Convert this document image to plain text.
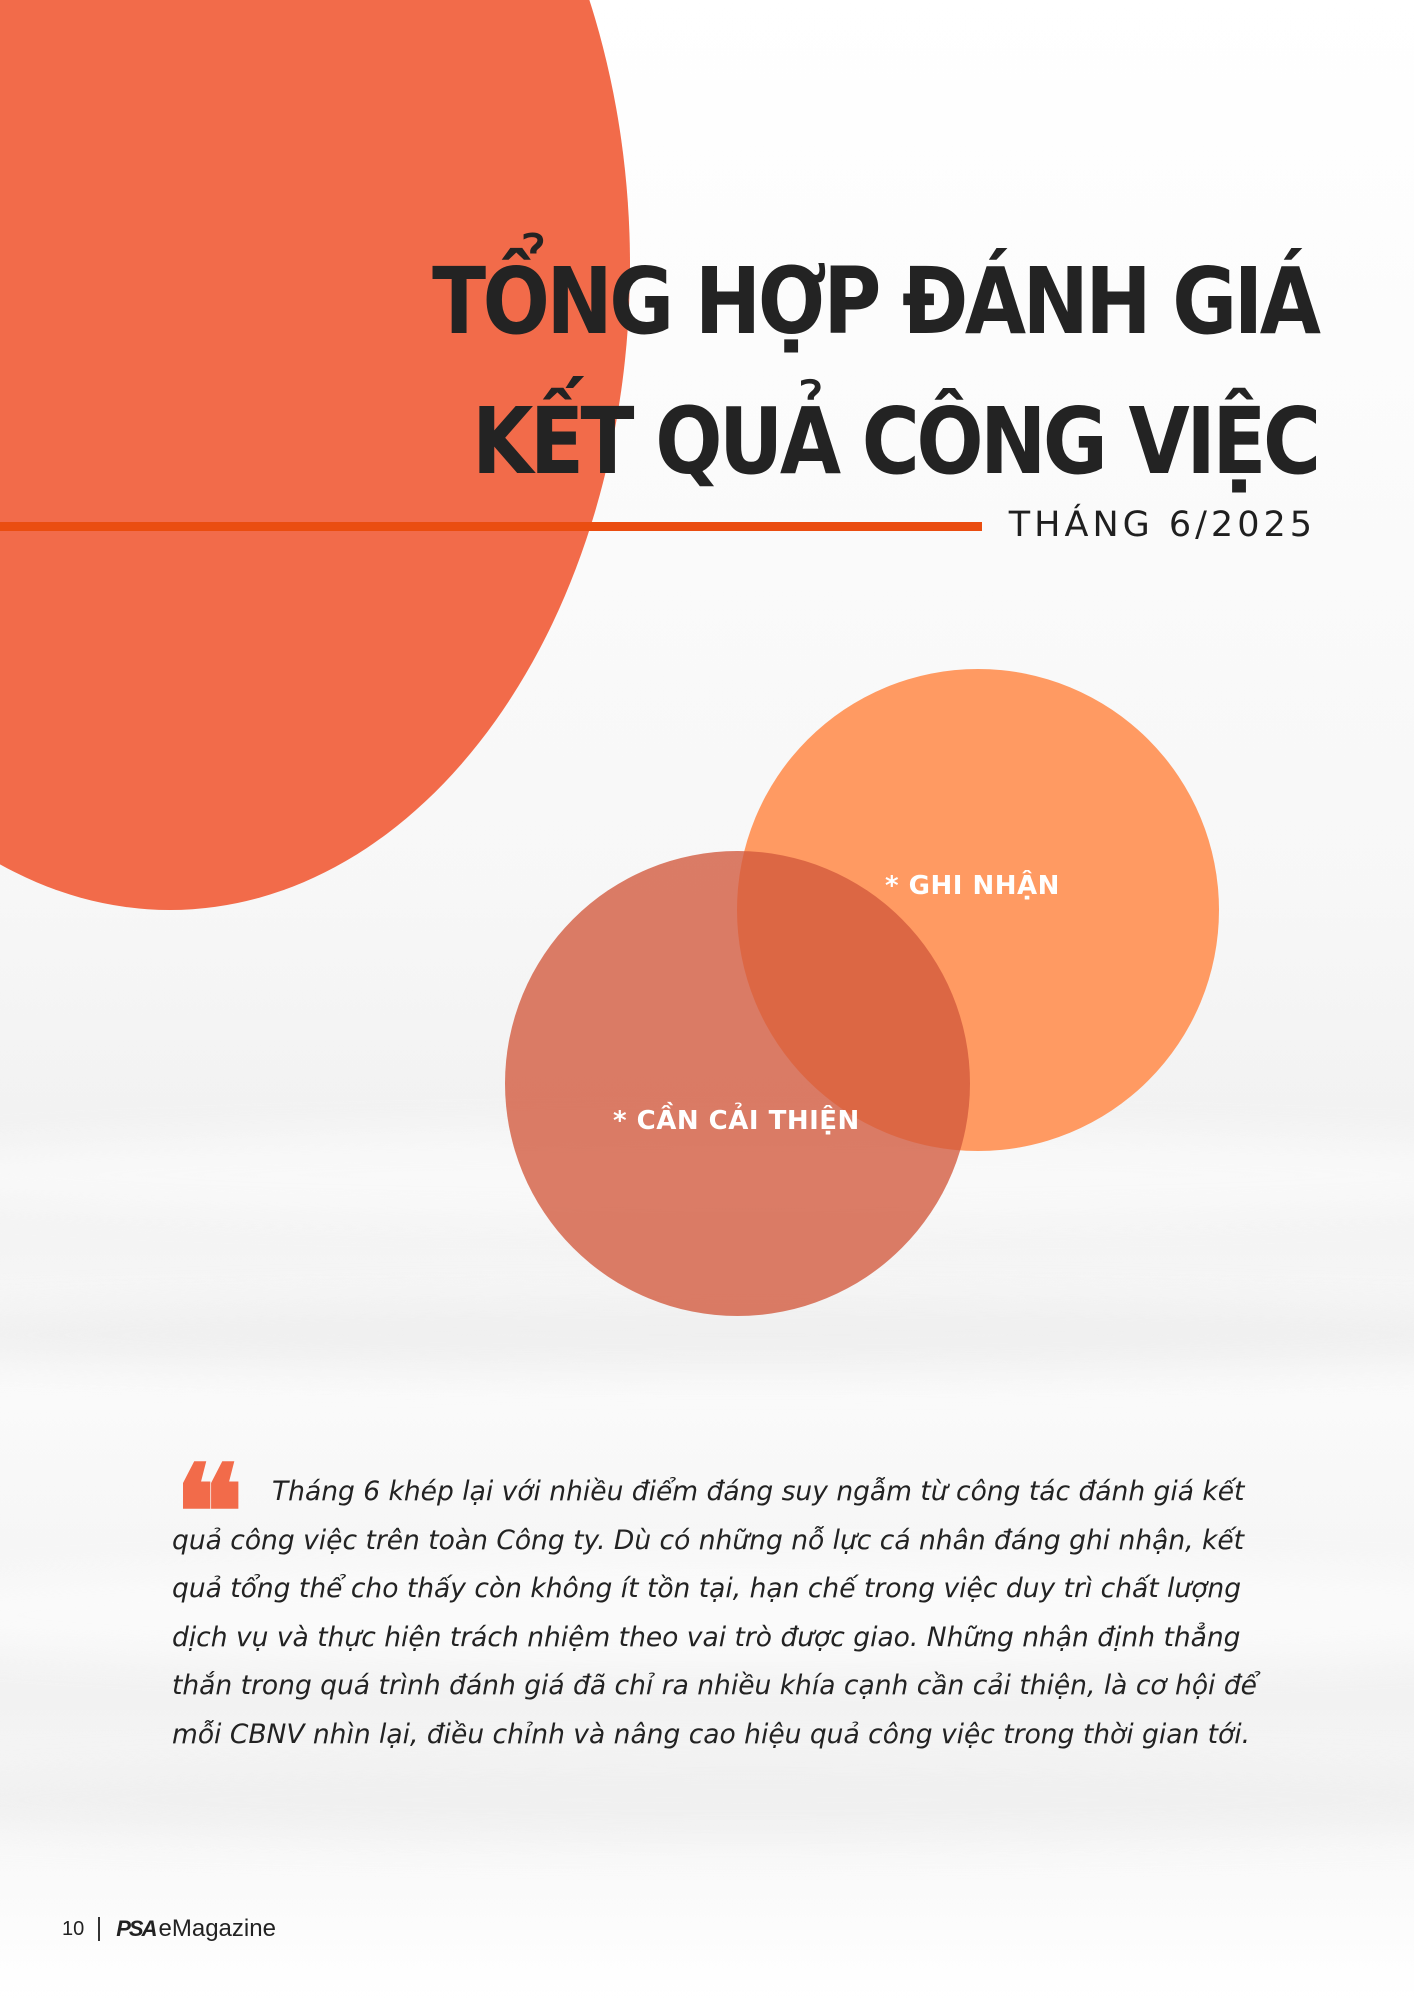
TỔNG HỢP ĐÁNH GIÁ
KẾT QUẢ CÔNG VIỆC

THÁNG 6/2025

* GHI NHẬN
* CẦN CẢI THIỆN
❝	Tháng 6 khép lại với nhiều điểm đáng suy ngẫm từ công tác đánh giá kết quả công việc trên toàn Công ty. Dù có những nỗ lực cá nhân đáng ghi nhận, kết quả tổng thể cho thấy còn không ít tồn tại, hạn chế trong việc duy trì chất lượng dịch vụ và thực hiện trách nhiệm theo vai trò được giao. Những nhận định thẳng thắn trong quá trình đánh giá đã chỉ ra nhiều khía cạnh cần cải thiện, là cơ hội để mỗi CBNV nhìn lại, điều chỉnh và nâng cao hiệu quả công việc trong thời gian tới.

10 PSA eMagazine
